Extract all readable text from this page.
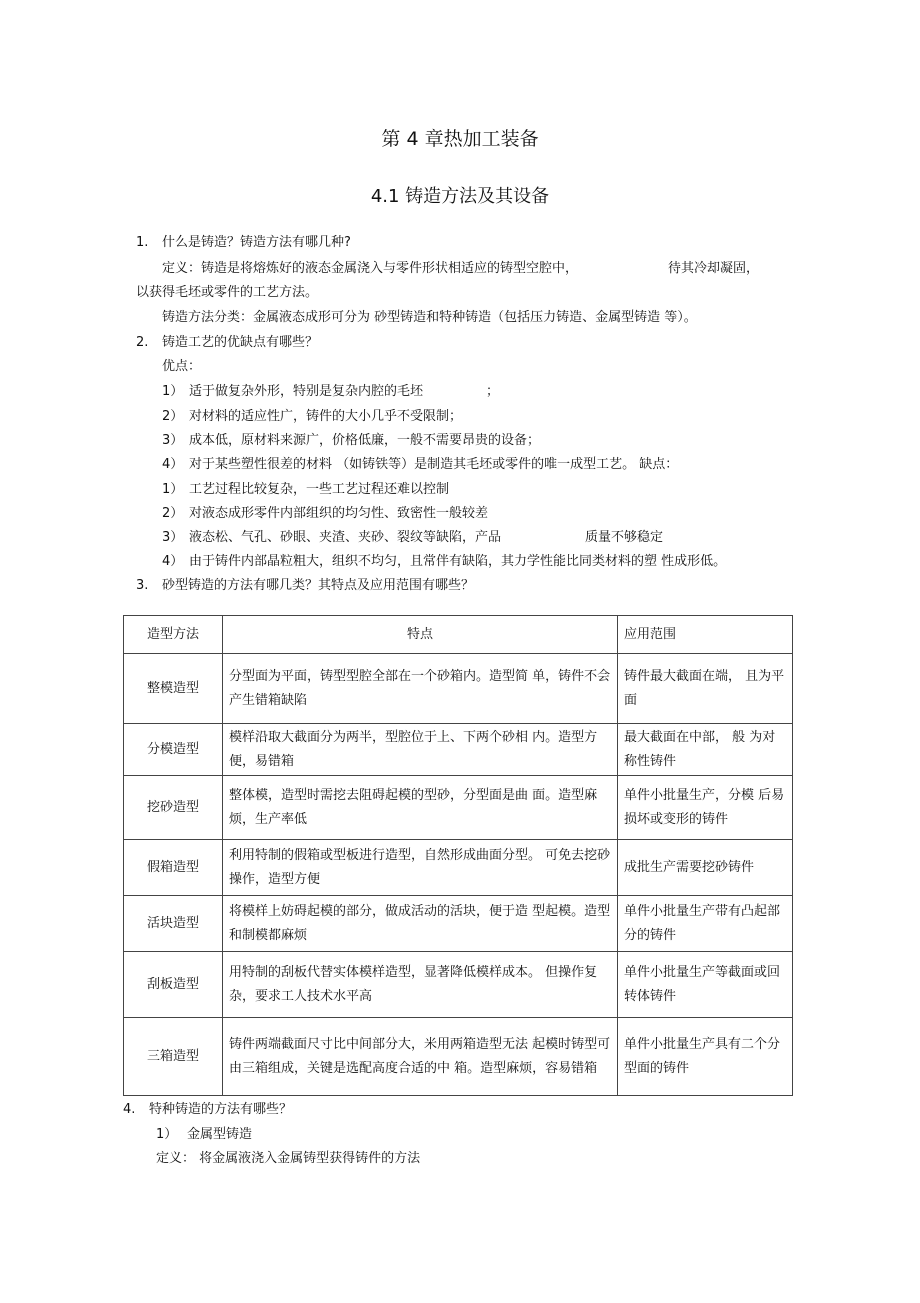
第 4 章热加工装备
4.1 铸造方法及其设备
1. 什么是铸造？铸造方法有哪几种?
定义：铸造是将熔炼好的液态金属浇入与零件形状相适应的铸型空腔中，	待其冷却凝固，
以获得毛坯或零件的工艺方法。
铸造方法分类：金属液态成形可分为 砂型铸造和特种铸造（包括压力铸造、金属型铸造 等）。
2. 铸造工艺的优缺点有哪些？
优点：
1） 适于做复杂外形，特别是复杂内腔的毛坯	；
2） 对材料的适应性广，铸件的大小几乎不受限制；
3） 成本低，原材料来源广，价格低廉，一般不需要昂贵的设备；
4） 对于某些塑性很差的材料 （如铸铁等）是制造其毛坯或零件的唯一成型工艺。 缺点：
1） 工艺过程比较复杂，一些工艺过程还难以控制
2） 对液态成形零件内部组织的均匀性、致密性一般较差
3） 液态松、气孔、砂眼、夹渣、夹砂、裂纹等缺陷，产品	质量不够稳定
4） 由于铸件内部晶粒粗大，组织不均匀，且常伴有缺陷，其力学性能比同类材料的塑 性成形低。
3. 砂型铸造的方法有哪几类？其特点及应用范围有哪些？
造型方法	特点	应用范围
整模造型	分型面为平面，铸型型腔全部在一个砂箱内。造型简 单，铸件不会产生错箱缺陷	铸件最大截面在端， 且为平面
分模造型	模样沿取大截面分为两半，型腔位于上、下两个砂相 内。造型方便，易错箱	最大截面在中部， 般 为对称性铸件
挖砂造型	整体模，造型时需挖去阻碍起模的型砂，分型面是曲 面。造型麻烦，生产率低	单件小批量生产，分模 后易损坏或变形的铸件
假箱造型	利用特制的假箱或型板进行造型，自然形成曲面分型。 可免去挖砂操作，造型方便	成批生产需要挖砂铸件
活块造型	将模样上妨碍起模的部分，做成活动的活块，便于造 型起模。造型和制模都麻烦	单件小批量生产带有凸起部分的铸件
刮板造型	用特制的刮板代替实体模样造型，显著降低模样成本。 但操作复杂，要求工人技术水平高	单件小批量生产等截面或回转体铸件
三箱造型	铸件两端截面尺寸比中间部分大，米用两箱造型无法 起模时铸型可由三箱组成，关键是选配高度合适的中 箱。造型麻烦，容易错箱	单件小批量生产具有二个分型面的铸件
4. 特种铸造的方法有哪些？
1） 金属型铸造
定义： 将金属液浇入金属铸型获得铸件的方法
